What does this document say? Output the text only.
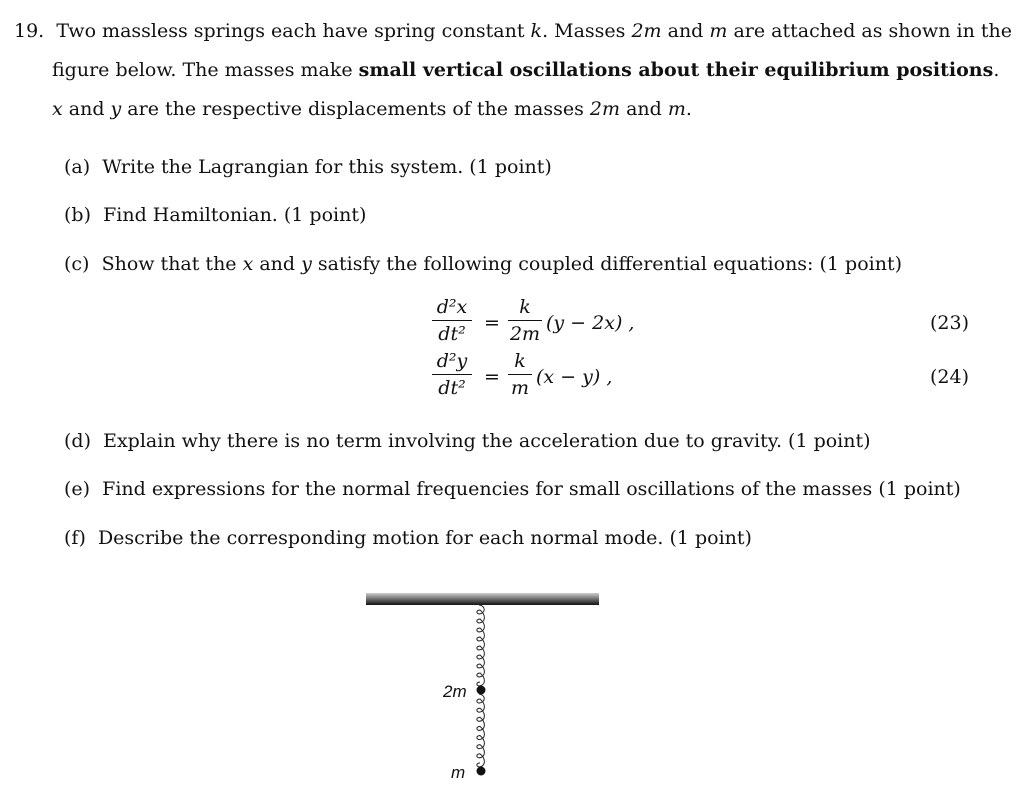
19. Two massless springs each have spring constant k. Masses 2m and m are attached as shown in the
figure below. The masses make small vertical oscillations about their equilibrium positions.
x and y are the respective displacements of the masses 2m and m.
(a) Write the Lagrangian for this system. (1 point)
(b) Find Hamiltonian. (1 point)
(c) Show that the x and y satisfy the following coupled differential equations: (1 point)
d²x
dt² =
k
2m (y − 2x) ,	(23)
d²y
dt² =
k
m (x − y) ,	(24)
(d) Explain why there is no term involving the acceleration due to gravity. (1 point)
(e) Find expressions for the normal frequencies for small oscillations of the masses (1 point)
(f) Describe the corresponding motion for each normal mode. (1 point)
2m
m
